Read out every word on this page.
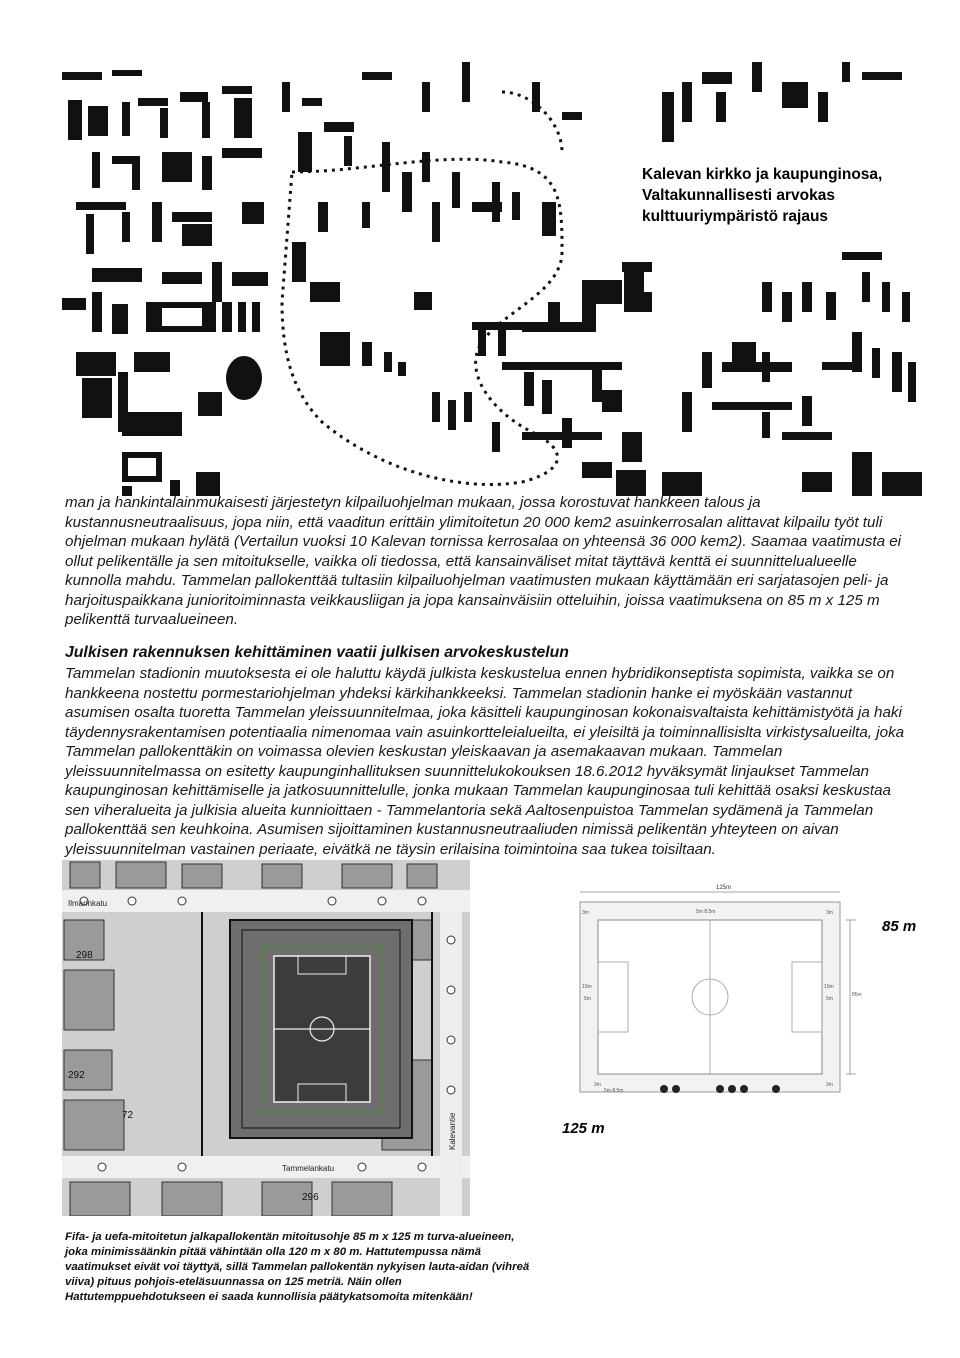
Kalevan kirkko ja kaupunginosa,
Valtakunnallisesti arvokas
kulttuuriympäristö rajaus

man ja hankintalainmukaisesti järjestetyn kilpailuohjelman mukaan, jossa korostuvat hankkeen talous ja kustannusneutraalisuus, jopa niin, että vaaditun erittäin ylimitoitetun 20 000 kem2 asuinkerrosalan alittavat kilpailu työt tuli ohjelman mukaan hylätä (Vertailun vuoksi 10 Kalevan tornissa kerrosalaa on yhteensä 36 000 kem2). Saamaa vaatimusta ei ollut pelikentälle ja sen mitoitukselle, vaikka oli tiedossa, että kansainväliset mitat täyttävä kenttä ei suunnittelualueelle kunnolla mahdu. Tammelan pallokenttää tultasiin kilpailuohjelman vaatimusten mukaan käyttämään eri sarjatasojen peli- ja harjoituspaikkana junioritoiminnasta veikkausliigan ja jopa kansainväisiin otteluihin, joissa vaatimuksena on 85 m x 125 m pelikenttä turvaalueineen.

Julkisen rakennuksen kehittäminen vaatii julkisen arvokeskustelun

Tammelan stadionin muutoksesta ei ole haluttu käydä julkista keskustelua ennen hybridikonseptista sopimista, vaikka se on hankkeena nostettu pormestariohjelman yhdeksi kärkihankkeeksi. Tammelan stadionin hanke ei myöskään vastannut asumisen osalta tuoretta Tammelan yleissuunnitelmaa, joka käsitteli kaupunginosan kokonaisvaltaista kehittämistyötä ja haki täydennysrakentamisen potentiaalia nimenomaa vain asuinkortteleialueilta, ei yleisiltä ja toiminnallisislta virkistysalueilta, joka Tammelan pallokenttäkin on voimassa olevien keskustan yleiskaavan ja asemakaavan mukaan. Tammelan yleissuunnitelmassa on esitetty kaupunginhallituksen suunnittelukokouksen 18.6.2012 hyväksymät linjaukset Tammelan kaupunginosan kehittämiselle ja jatkosuunnittelulle, jonka mukaan Tammelan kaupunginosaa tuli kehittää osaksi keskustaa sen viheralueita ja julkisia alueita kunnioittaen - Tammelantoria sekä Aaltosenpuistoa Tammelan sydämenä ja Tammelan pallokenttää sen keuhkoina. Asumisen sijoittaminen kustannusneutraaliuden nimissä pelikentän yhteyteen on aivan yleissuunnitelman vastainen periaate, eivätkä ne täysin erilaisina toimintoina saa tukea toisiltaan.

Ilmarinkatu
Tammelankatu
Kalevantie
298
292
72
296
125m
5m 8.5m
3m	3m
10m
5m
10m
5m
85m
3m
5m 8.5m
3m
85 m
125 m

Fifa- ja uefa-mitoitetun jalkapallokentän mitoitusohje 85 m x 125 m turva-alueineen, joka minimissäänkin pitää vähintään olla 120 m x 80 m. Hattutempussa nämä vaatimukset eivät voi täyttyä, sillä Tammelan pallokentän nykyisen lauta-aidan (vihreä viiva) pituus pohjois-eteläsuunnassa on 125 metriä. Näin ollen Hattutemppuehdotukseen ei saada kunnollisia päätykatsomoita mitenkään!
